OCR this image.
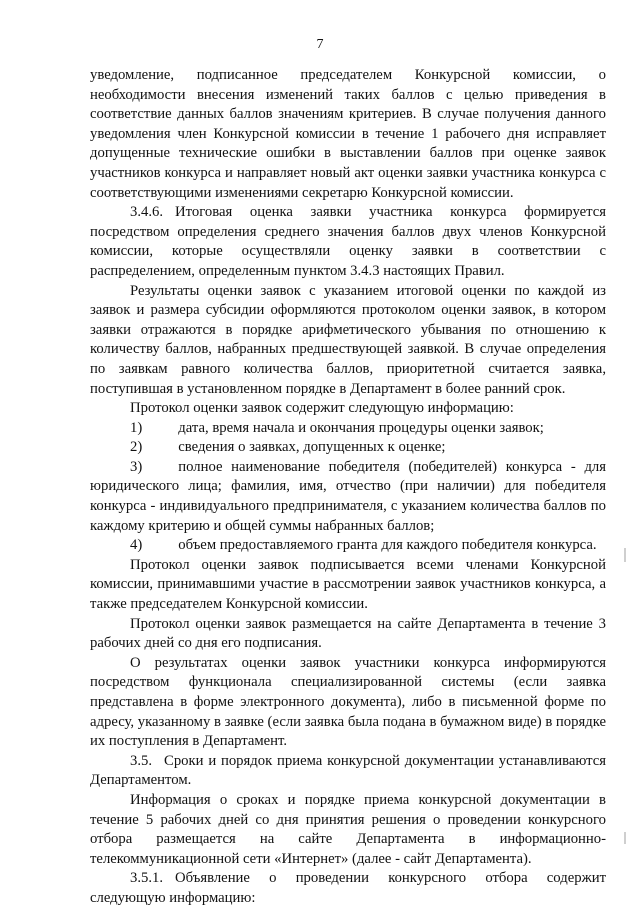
7

уведомление, подписанное председателем Конкурсной комиссии, о необходимости внесения изменений таких баллов с целью приведения в соответствие данных баллов значениям критериев. В случае получения данного уведомления член Конкурсной комиссии в течение 1 рабочего дня исправляет допущенные технические ошибки в выставлении баллов при оценке заявок участников конкурса и направляет новый акт оценки заявки участника конкурса с соответствующими изменениями секретарю Конкурсной комиссии.

3.4.6. Итоговая оценка заявки участника конкурса формируется посредством определения среднего значения баллов двух членов Конкурсной комиссии, которые осуществляли оценку заявки в соответствии с распределением, определенным пунктом 3.4.3 настоящих Правил.

Результаты оценки заявок с указанием итоговой оценки по каждой из заявок и размера субсидии оформляются протоколом оценки заявок, в котором заявки отражаются в порядке арифметического убывания по отношению к количеству баллов, набранных предшествующей заявкой. В случае определения по заявкам равного количества баллов, приоритетной считается заявка, поступившая в установленном порядке в Департамент в более ранний срок.

Протокол оценки заявок содержит следующую информацию:

1) дата, время начала и окончания процедуры оценки заявок;

2) сведения о заявках, допущенных к оценке;

3) полное наименование победителя (победителей) конкурса - для юридического лица; фамилия, имя, отчество (при наличии) для победителя конкурса - индивидуального предпринимателя, с указанием количества баллов по каждому критерию и общей суммы набранных баллов;

4) объем предоставляемого гранта для каждого победителя конкурса.

Протокол оценки заявок подписывается всеми членами Конкурсной комиссии, принимавшими участие в рассмотрении заявок участников конкурса, а также председателем Конкурсной комиссии.

Протокол оценки заявок размещается на сайте Департамента в течение 3 рабочих дней со дня его подписания.

О результатах оценки заявок участники конкурса информируются посредством функционала специализированной системы (если заявка представлена в форме электронного документа), либо в письменной форме по адресу, указанному в заявке (если заявка была подана в бумажном виде) в порядке их поступления в Департамент.

3.5. Сроки и порядок приема конкурсной документации устанавливаются Департаментом.

Информация о сроках и порядке приема конкурсной документации в течение 5 рабочих дней со дня принятия решения о проведении конкурсного отбора размещается на сайте Департамента в информационно-телекоммуникационной сети «Интернет» (далее - сайт Департамента).

3.5.1. Объявление о проведении конкурсного отбора содержит следующую информацию:
